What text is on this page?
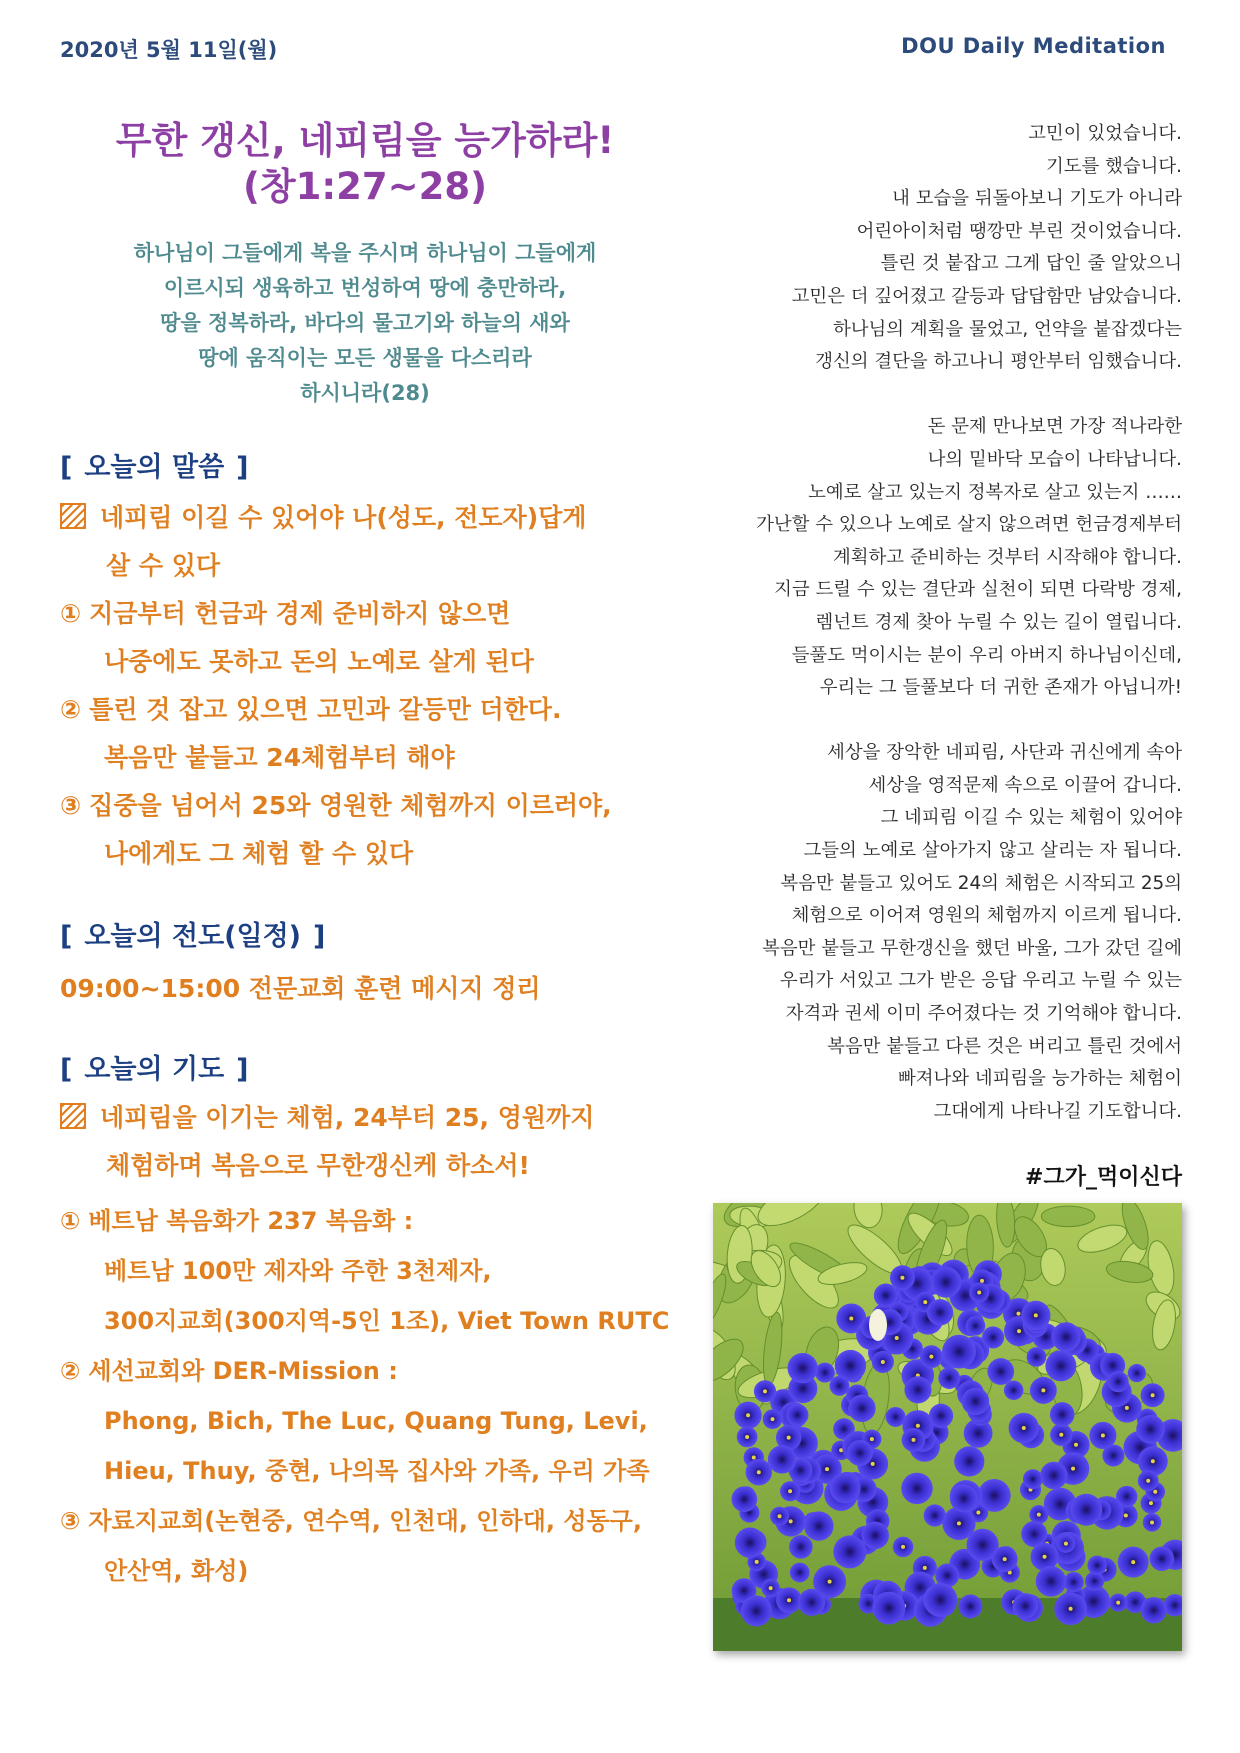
2020년 5월 11일(월)	DOU Daily Meditation
무한 갱신, 네피림을 능가하라!
(창1:27~28)
하나님이 그들에게 복을 주시며 하나님이 그들에게
이르시되 생육하고 번성하여 땅에 충만하라,
땅을 정복하라, 바다의 물고기와 하늘의 새와
땅에 움직이는 모든 생물을 다스리라
하시니라(28)
[ 오늘의 말씀 ]
네피림 이길 수 있어야 나(성도, 전도자)답게
살 수 있다
① 지금부터 헌금과 경제 준비하지 않으면
나중에도 못하고 돈의 노예로 살게 된다
② 틀린 것 잡고 있으면 고민과 갈등만 더한다.
복음만 붙들고 24체험부터 해야
③ 집중을 넘어서 25와 영원한 체험까지 이르러야,
나에게도 그 체험 할 수 있다
[ 오늘의 전도(일정) ]
09:00~15:00 전문교회 훈련 메시지 정리
[ 오늘의 기도 ]
네피림을 이기는 체험, 24부터 25, 영원까지
체험하며 복음으로 무한갱신케 하소서!
① 베트남 복음화가 237 복음화 :
베트남 100만 제자와 주한 3천제자,
300지교회(300지역-5인 1조), Viet Town RUTC
② 세선교회와 DER-Mission :
Phong, Bich, The Luc, Quang Tung, Levi,
Hieu, Thuy, 중현, 나의목 집사와 가족, 우리 가족
③ 자료지교회(논현중, 연수역, 인천대, 인하대, 성동구,
안산역, 화성)
고민이 있었습니다.
기도를 했습니다.
내 모습을 뒤돌아보니 기도가 아니라
어린아이처럼 땡깡만 부린 것이었습니다.
틀린 것 붙잡고 그게 답인 줄 알았으니
고민은 더 깊어졌고 갈등과 답답함만 남았습니다.
하나님의 계획을 물었고, 언약을 붙잡겠다는
갱신의 결단을 하고나니 평안부터 임했습니다.
돈 문제 만나보면 가장 적나라한
나의 밑바닥 모습이 나타납니다.
노예로 살고 있는지 정복자로 살고 있는지 ……
가난할 수 있으나 노예로 살지 않으려면 헌금경제부터
계획하고 준비하는 것부터 시작해야 합니다.
지금 드릴 수 있는 결단과 실천이 되면 다락방 경제,
렘넌트 경제 찾아 누릴 수 있는 길이 열립니다.
들풀도 먹이시는 분이 우리 아버지 하나님이신데,
우리는 그 들풀보다 더 귀한 존재가 아닙니까!
세상을 장악한 네피림, 사단과 귀신에게 속아
세상을 영적문제 속으로 이끌어 갑니다.
그 네피림 이길 수 있는 체험이 있어야
그들의 노예로 살아가지 않고 살리는 자 됩니다.
복음만 붙들고 있어도 24의 체험은 시작되고 25의
체험으로 이어져 영원의 체험까지 이르게 됩니다.
복음만 붙들고 무한갱신을 했던 바울, 그가 갔던 길에
우리가 서있고 그가 받은 응답 우리고 누릴 수 있는
자격과 권세 이미 주어졌다는 것 기억해야 합니다.
복음만 붙들고 다른 것은 버리고 틀린 것에서
빠져나와 네피림을 능가하는 체험이
그대에게 나타나길 기도합니다.
#그가_먹이신다
